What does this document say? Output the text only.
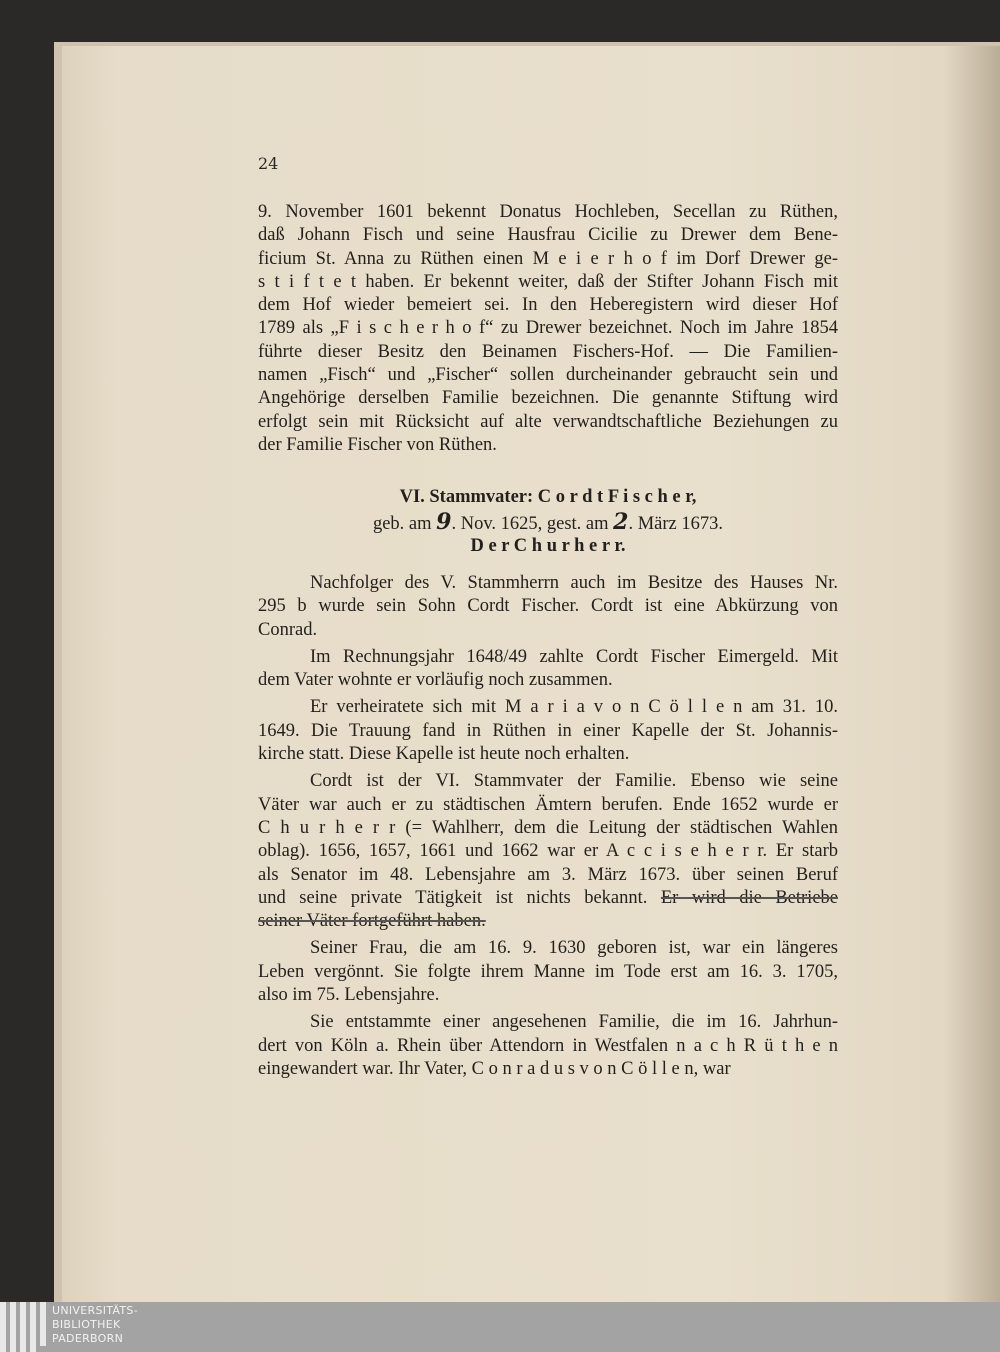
24
9. November 1601 bekennt Donatus Hochleben, Secellan zu Rüthen,
daß Johann Fisch und seine Hausfrau Cicilie zu Drewer dem Bene-
ficium St. Anna zu Rüthen einen M e i e r h o f im Dorf Drewer ge-
s t i f t e t haben. Er bekennt weiter, daß der Stifter Johann Fisch mit
dem Hof wieder bemeiert sei. In den Heberegistern wird dieser Hof
1789 als „F i s c h e r h o f“ zu Drewer bezeichnet. Noch im Jahre 1854
führte dieser Besitz den Beinamen Fischers-Hof. — Die Familien-
namen „Fisch“ und „Fischer“ sollen durcheinander gebraucht sein und
Angehörige derselben Familie bezeichnen. Die genannte Stiftung wird
erfolgt sein mit Rücksicht auf alte verwandtschaftliche Beziehungen zu
der Familie Fischer von Rüthen.
VI. Stammvater: C o r d t F i s c h e r,
geb. am 9. Nov. 1625, gest. am 2. März 1673.
D e r C h u r h e r r.
Nachfolger des V. Stammherrn auch im Besitze des Hauses Nr.
295 b wurde sein Sohn Cordt Fischer. Cordt ist eine Abkürzung von
Conrad.
Im Rechnungsjahr 1648/49 zahlte Cordt Fischer Eimergeld. Mit
dem Vater wohnte er vorläufig noch zusammen.
Er verheiratete sich mit M a r i a v o n C ö l l e n am 31. 10.
1649. Die Trauung fand in Rüthen in einer Kapelle der St. Johannis-
kirche statt. Diese Kapelle ist heute noch erhalten.
Cordt ist der VI. Stammvater der Familie. Ebenso wie seine
Väter war auch er zu städtischen Ämtern berufen. Ende 1652 wurde er
C h u r h e r r (= Wahlherr, dem die Leitung der städtischen Wahlen
oblag). 1656, 1657, 1661 und 1662 war er A c c i s e h e r r. Er starb
als Senator im 48. Lebensjahre am 3. März 1673. über seinen Beruf
und seine private Tätigkeit ist nichts bekannt. Er wird die Betriebe
seiner Väter fortgeführt haben.
Seiner Frau, die am 16. 9. 1630 geboren ist, war ein längeres
Leben vergönnt. Sie folgte ihrem Manne im Tode erst am 16. 3. 1705,
also im 75. Lebensjahre.
Sie entstammte einer angesehenen Familie, die im 16. Jahrhun-
dert von Köln a. Rhein über Attendorn in Westfalen n a c h R ü t h e n
eingewandert war. Ihr Vater, C o n r a d u s v o n C ö l l e n, war
UNIVERSITÄTS-
BIBLIOTHEK
PADERBORN
